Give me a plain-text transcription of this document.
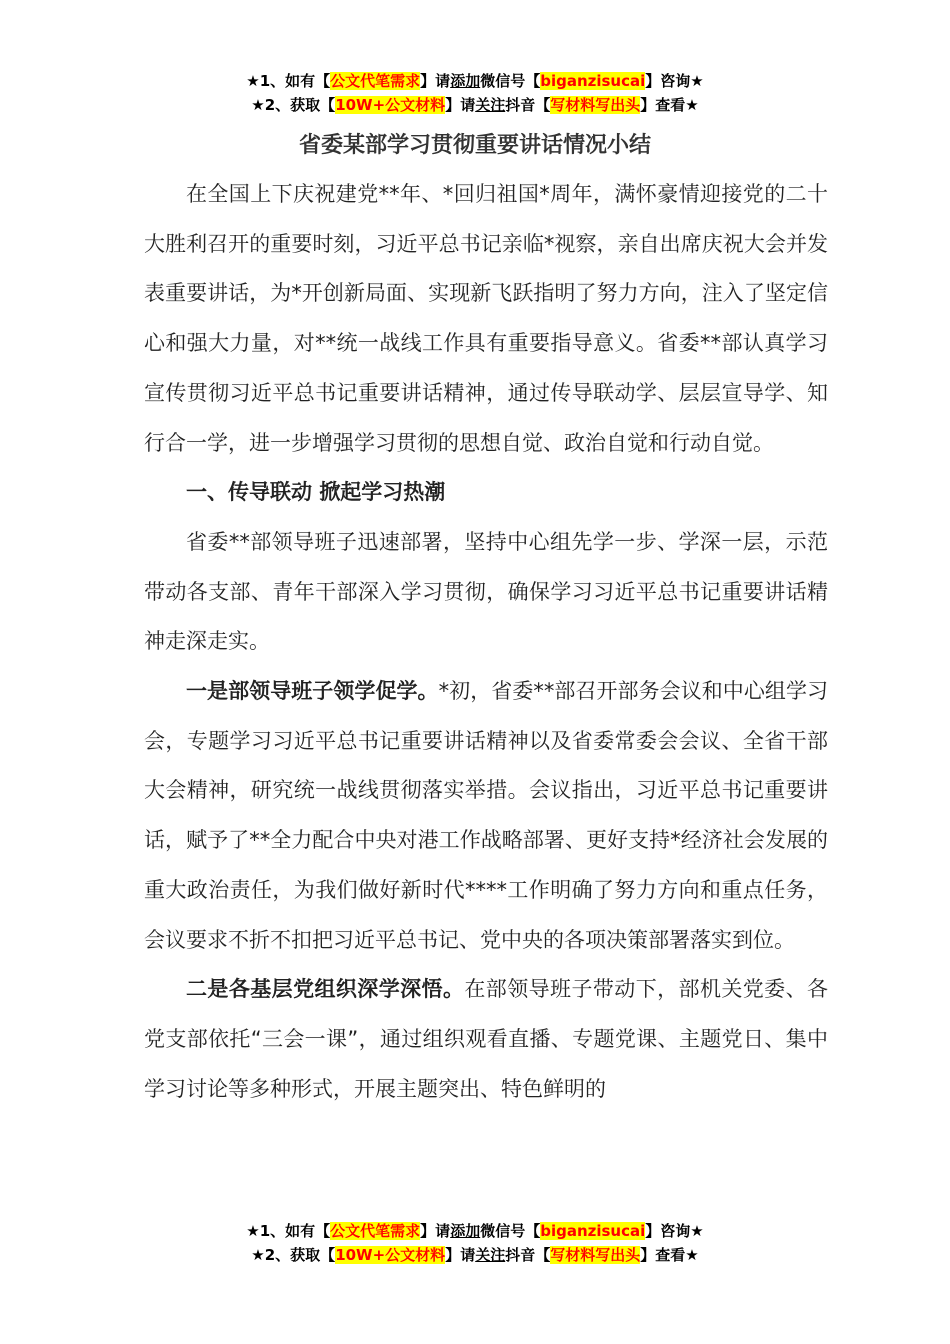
★1、如有【公文代笔需求】请添加微信号【biganzisucai】咨询★
★2、获取【10W+公文材料】请关注抖音【写材料写出头】查看★
省委某部学习贯彻重要讲话情况小结

在全国上下庆祝建党**年、*回归祖国*周年，满怀豪情迎接党的二十大胜利召开的重要时刻，习近平总书记亲临*视察，亲自出席庆祝大会并发表重要讲话，为*开创新局面、实现新飞跃指明了努力方向，注入了坚定信心和强大力量，对**统一战线工作具有重要指导意义。省委**部认真学习宣传贯彻习近平总书记重要讲话精神，通过传导联动学、层层宣导学、知行合一学，进一步增强学习贯彻的思想自觉、政治自觉和行动自觉。

一、传导联动 掀起学习热潮

省委**部领导班子迅速部署，坚持中心组先学一步、学深一层，示范带动各支部、青年干部深入学习贯彻，确保学习习近平总书记重要讲话精神走深走实。

一是部领导班子领学促学。*初，省委**部召开部务会议和中心组学习会，专题学习习近平总书记重要讲话精神以及省委常委会会议、全省干部大会精神，研究统一战线贯彻落实举措。会议指出，习近平总书记重要讲话，赋予了**全力配合中央对港工作战略部署、更好支持*经济社会发展的重大政治责任，为我们做好新时代****工作明确了努力方向和重点任务，会议要求不折不扣把习近平总书记、党中央的各项决策部署落实到位。

二是各基层党组织深学深悟。在部领导班子带动下，部机关党委、各党支部依托“三会一课”，通过组织观看直播、专题党课、主题党日、集中学习讨论等多种形式，开展主题突出、特色鲜明的

★1、如有【公文代笔需求】请添加微信号【biganzisucai】咨询★
★2、获取【10W+公文材料】请关注抖音【写材料写出头】查看★
